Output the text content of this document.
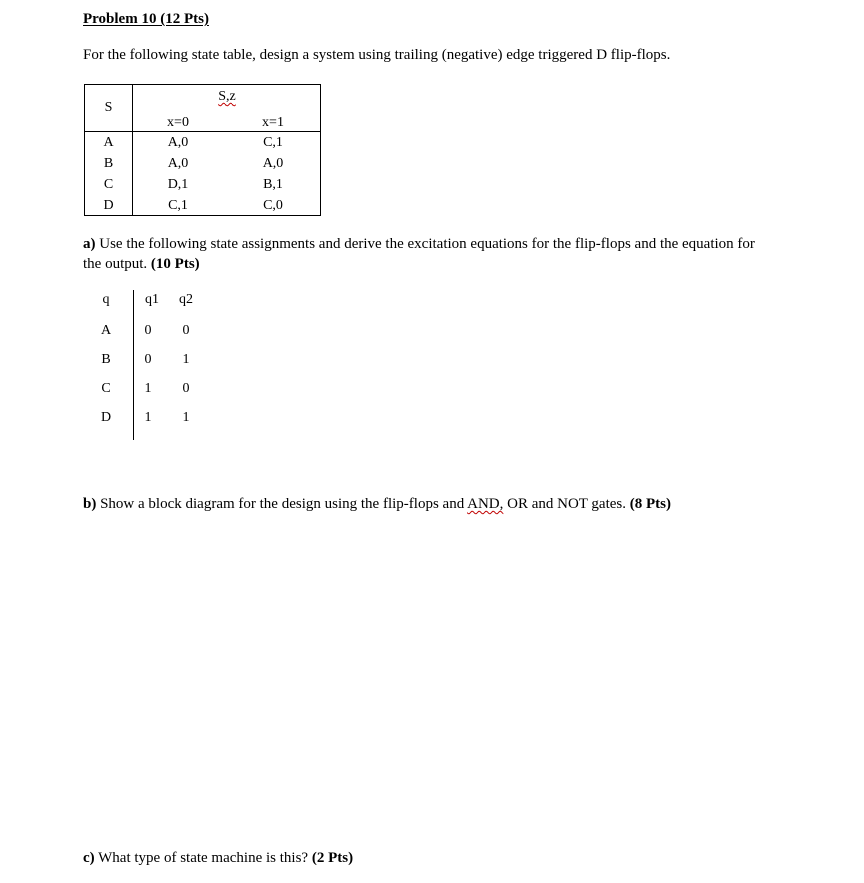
Problem 10 (12 Pts)
For the following state table, design a system using trailing (negative) edge triggered D flip-flops.
S
S,z
x=0	x=1
A	A,0	C,1
B	A,0	A,0
C	D,1	B,1
D	C,1	C,0
a) Use the following state assignments and derive the excitation equations for the flip-flops and the equation for
the output. (10 Pts)
q	q1 q2
A	0	0
B	0	1
C	1	0
D	1	1
b) Show a block diagram for the design using the flip-flops and AND, OR and NOT gates. (8 Pts)
c) What type of state machine is this? (2 Pts)
